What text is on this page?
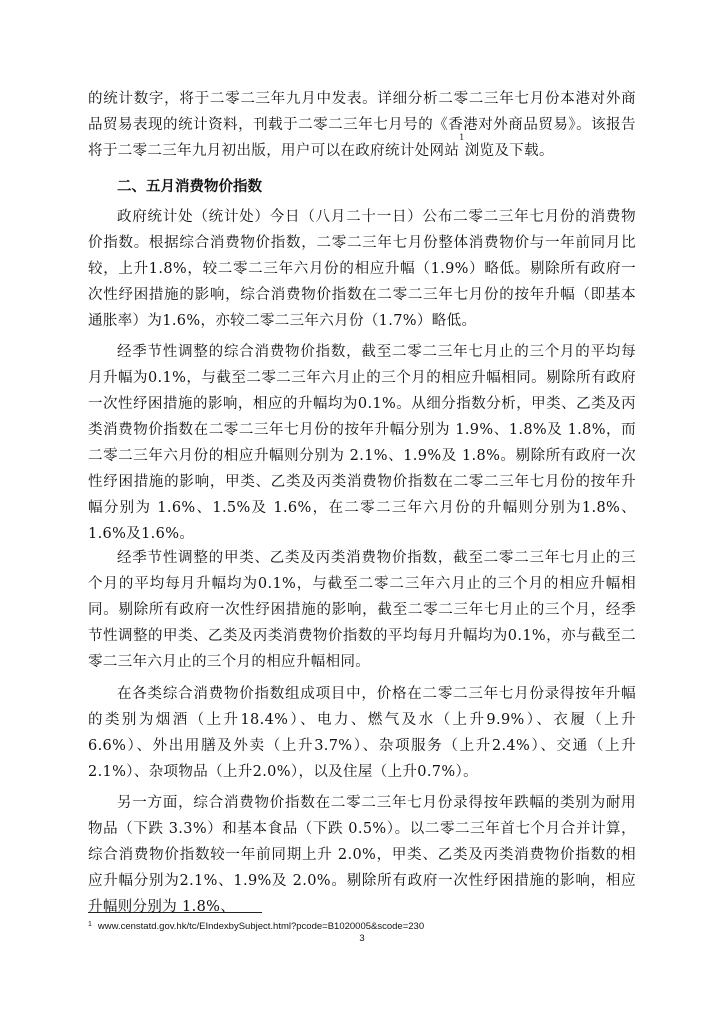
的统计数字，将于二零二三年九月中发表。详细分析二零二三年七月份本港对外商品贸易表现的统计资料，刊载于二零二三年七月号的《香港对外商品贸易》。该报告将于二零二三年九月初出版，用户可以在政府统计处网站$^1$浏览及下载。

二、五月消费物价指数

政府统计处（统计处）今日（八月二十一日）公布二零二三年七月份的消费物价指数。根据综合消费物价指数，二零二三年七月份整体消费物价与一年前同月比较，上升1.8%，较二零二三年六月份的相应升幅（1.9%）略低。剔除所有政府一次性纾困措施的影响，综合消费物价指数在二零二三年七月份的按年升幅（即基本通胀率）为1.6%，亦较二零二三年六月份（1.7%）略低。

经季节性调整的综合消费物价指数，截至二零二三年七月止的三个月的平均每月升幅为0.1%，与截至二零二三年六月止的三个月的相应升幅相同。剔除所有政府一次性纾困措施的影响，相应的升幅均为0.1%。从细分指数分析，甲类、乙类及丙类消费物价指数在二零二三年七月份的按年升幅分别为 1.9%、1.8%及 1.8%，而二零二三年六月份的相应升幅则分别为 2.1%、1.9%及 1.8%。剔除所有政府一次性纾困措施的影响，甲类、乙类及丙类消费物价指数在二零二三年七月份的按年升幅分别为 1.6%、1.5%及 1.6%，在二零二三年六月份的升幅则分别为1.8%、1.6%及1.6%。

经季节性调整的甲类、乙类及丙类消费物价指数，截至二零二三年七月止的三个月的平均每月升幅均为0.1%，与截至二零二三年六月止的三个月的相应升幅相同。剔除所有政府一次性纾困措施的影响，截至二零二三年七月止的三个月，经季节性调整的甲类、乙类及丙类消费物价指数的平均每月升幅均为0.1%，亦与截至二零二三年六月止的三个月的相应升幅相同。

在各类综合消费物价指数组成项目中，价格在二零二三年七月份录得按年升幅的类别为烟酒（上升18.4%）、电力、燃气及水（上升9.9%）、衣履（上升6.6%）、外出用膳及外卖（上升3.7%）、杂项服务（上升2.4%）、交通（上升2.1%）、杂项物品（上升2.0%），以及住屋（上升0.7%）。

另一方面，综合消费物价指数在二零二三年七月份录得按年跌幅的类别为耐用物品（下跌 3.3%）和基本食品（下跌 0.5%）。以二零二三年首七个月合并计算，综合消费物价指数较一年前同期上升 2.0%，甲类、乙类及丙类消费物价指数的相应升幅分别为2.1%、1.9%及 2.0%。剔除所有政府一次性纾困措施的影响，相应升幅则分别为 1.8%、

$^1$ www.censtatd.gov.hk/tc/EIndexbySubject.html?pcode=B1020005&scode=230
3
